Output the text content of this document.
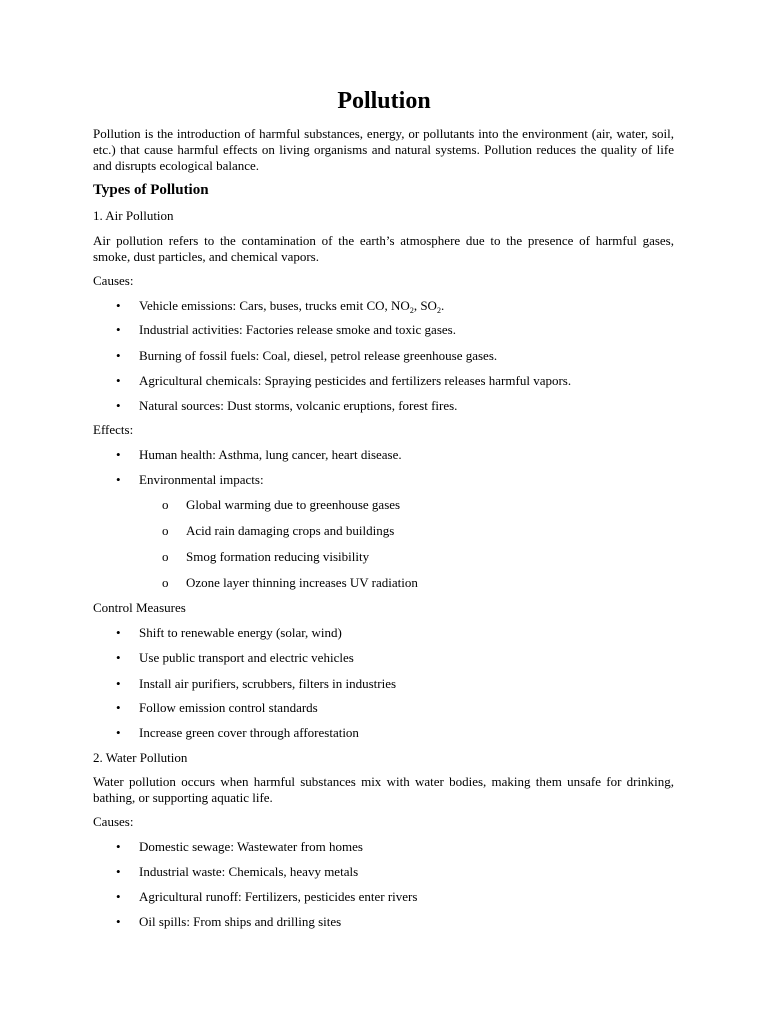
Pollution
Pollution is the introduction of harmful substances, energy, or pollutants into the environment (air, water, soil, etc.) that cause harmful effects on living organisms and natural systems. Pollution reduces the quality of life and disrupts ecological balance.
Types of Pollution
1. Air Pollution
Air pollution refers to the contamination of the earth’s atmosphere due to the presence of harmful gases, smoke, dust particles, and chemical vapors.
Causes:
•	Vehicle emissions: Cars, buses, trucks emit CO, $NO_2$, $SO_2$.
•	Industrial activities: Factories release smoke and toxic gases.
•	Burning of fossil fuels: Coal, diesel, petrol release greenhouse gases.
•	Agricultural chemicals: Spraying pesticides and fertilizers releases harmful vapors.
•	Natural sources: Dust storms, volcanic eruptions, forest fires.
Effects:
•	Human health: Asthma, lung cancer, heart disease.
•	Environmental impacts:
o Global warming due to greenhouse gases
o Acid rain damaging crops and buildings
o Smog formation reducing visibility
o Ozone layer thinning increases UV radiation
Control Measures
•	Shift to renewable energy (solar, wind)
•	Use public transport and electric vehicles
•	Install air purifiers, scrubbers, filters in industries
•	Follow emission control standards
•	Increase green cover through afforestation
2. Water Pollution
Water pollution occurs when harmful substances mix with water bodies, making them unsafe for drinking, bathing, or supporting aquatic life.
Causes:
•	Domestic sewage: Wastewater from homes
•	Industrial waste: Chemicals, heavy metals
•	Agricultural runoff: Fertilizers, pesticides enter rivers
•	Oil spills: From ships and drilling sites
